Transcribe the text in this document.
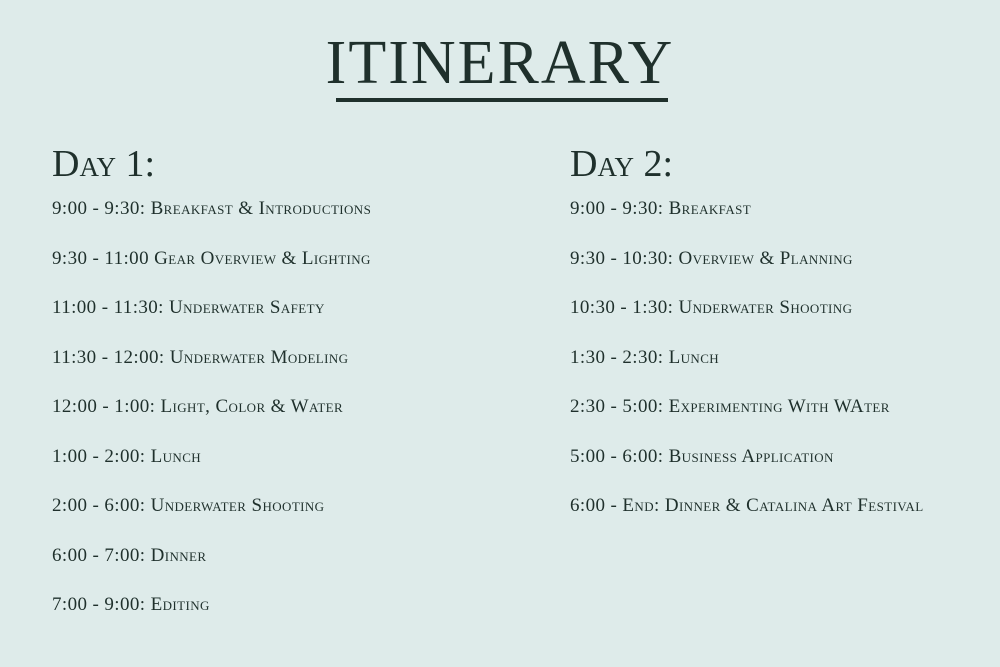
ITINERARY
Day 1:
9:00 - 9:30: Breakfast & Introductions
9:30 - 11:00 Gear Overview & Lighting
11:00 - 11:30: Underwater Safety
11:30 - 12:00: Underwater Modeling
12:00 - 1:00: Light, Color & Water
1:00 - 2:00: Lunch
2:00 - 6:00: Underwater Shooting
6:00 - 7:00: Dinner
7:00 - 9:00: Editing
Day 2:
9:00 - 9:30: Breakfast
9:30 - 10:30: Overview & Planning
10:30 - 1:30: Underwater Shooting
1:30 - 2:30: Lunch
2:30 - 5:00: Experimenting With WAter
5:00 - 6:00: Business Application
6:00 - End: Dinner & Catalina Art Festival
